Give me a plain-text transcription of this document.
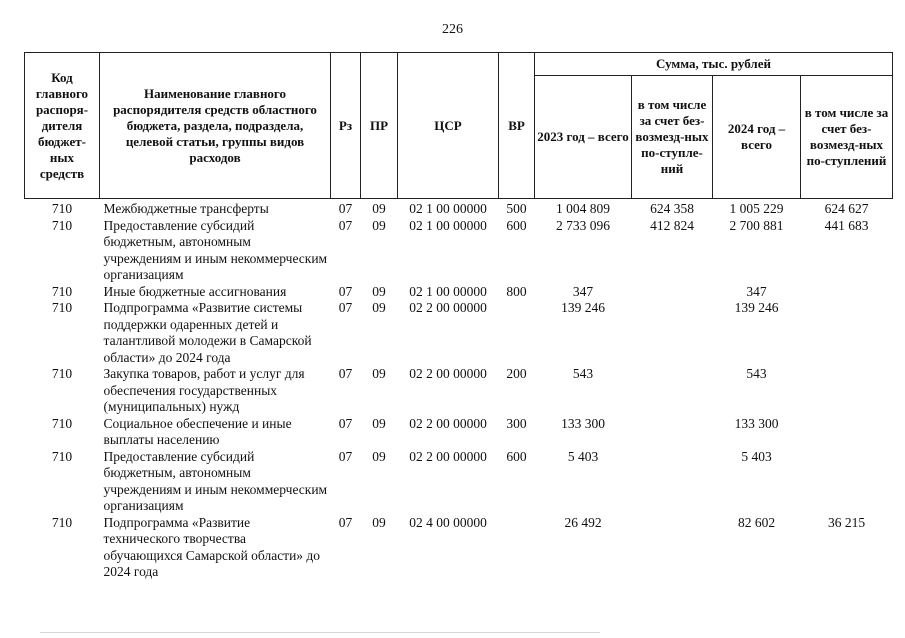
226
Код главного распоря-дителя бюджет-ных средств	Наименование главного распорядителя средств областного бюджета, раздела, подраздела, целевой статьи, группы видов расходов	Рз	ПР	ЦСР	ВР	Сумма, тыс. рублей			
						2023 год – всего	в том числе за счет без-возмезд-ных по-ступле-ний	2024 год – всего	в том числе за счет без-возмезд-ных по-ступлений
710	Межбюджетные трансферты	07	09	02 1 00 00000	500	1 004 809	624 358	1 005 229	624 627
710	Предоставление субсидий бюджетным, автономным учреждениям и иным некоммерческим организациям	07	09	02 1 00 00000	600	2 733 096	412 824	2 700 881	441 683
710	Иные бюджетные ассигнования	07	09	02 1 00 00000	800	347		347	
710	Подпрограмма «Развитие системы поддержки одаренных детей и талантливой молодежи в Самарской области» до 2024 года	07	09	02 2 00 00000		139 246		139 246	
710	Закупка товаров, работ и услуг для обеспечения государственных (муниципальных) нужд	07	09	02 2 00 00000	200	543		543	
710	Социальное обеспечение и иные выплаты населению	07	09	02 2 00 00000	300	133 300		133 300	
710	Предоставление субсидий бюджетным, автономным учреждениям и иным некоммерческим организациям	07	09	02 2 00 00000	600	5 403		5 403	
710	Подпрограмма «Развитие технического творчества обучающихся Самарской области» до 2024 года	07	09	02 4 00 00000		26 492		82 602	36 215
